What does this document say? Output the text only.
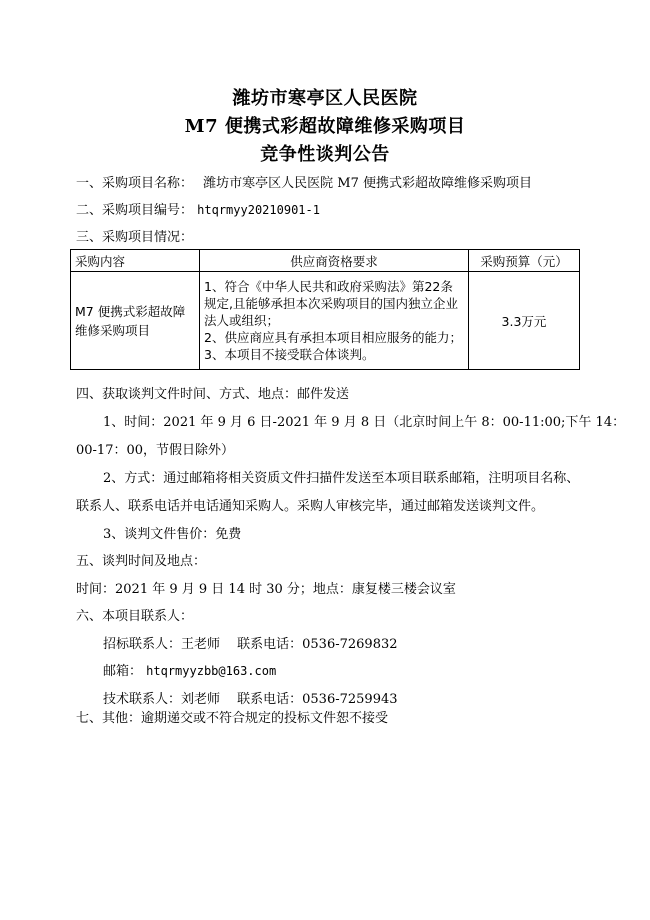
潍坊市寒亭区人民医院
M7 便携式彩超故障维修采购项目
竞争性谈判公告
一、采购项目名称： 潍坊市寒亭区人民医院 M7 便携式彩超故障维修采购项目
二、采购项目编号： htqrmyy20210901-1
三、采购项目情况：
采购内容	供应商资格要求	采购预算（元）
M7 便携式彩超故障维修采购项目	1、符合《中华人民共和政府采购法》第22条规定,且能够承担本次采购项目的国内独立企业法人或组织；
2、供应商应具有承担本项目相应服务的能力；
3、本项目不接受联合体谈判。	3.3万元
四、获取谈判文件时间、方式、地点：邮件发送
1、时间：2021 年 9 月 6 日-2021 年 9 月 8 日（北京时间上午 8：00-11:00;下午 14：
00-17：00，节假日除外）
2、方式：通过邮箱将相关资质文件扫描件发送至本项目联系邮箱，注明项目名称、
联系人、联系电话并电话通知采购人。采购人审核完毕，通过邮箱发送谈判文件。
3、谈判文件售价：免费
五、谈判时间及地点：
时间：2021 年 9 月 9 日 14 时 30 分；地点：康复楼三楼会议室
六、本项目联系人：
招标联系人：王老师　 联系电话：0536-7269832
邮箱： htqrmyyzbb@163.com
技术联系人：刘老师　 联系电话：0536-7259943
七、其他：逾期递交或不符合规定的投标文件恕不接受
